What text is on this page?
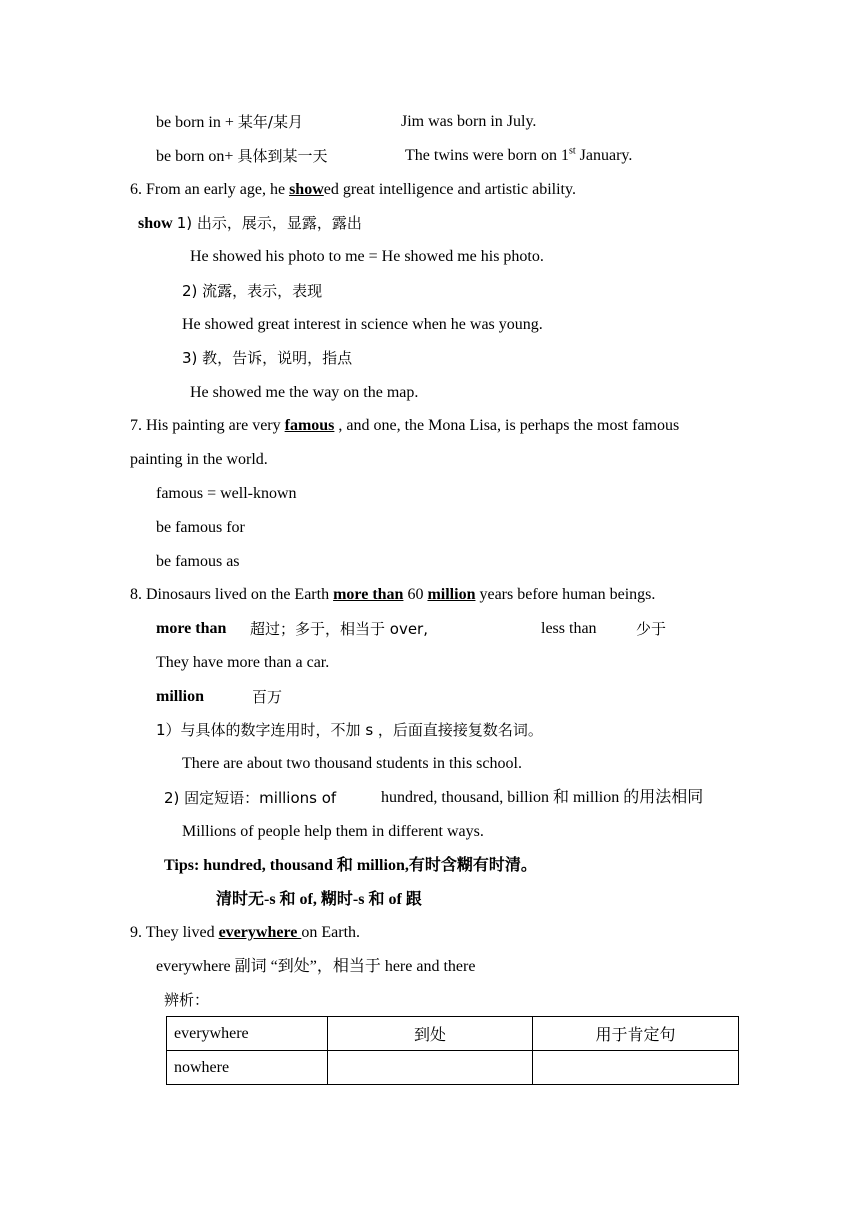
be born in + 某年/某月	Jim was born in July.
be born on+ 具体到某一天	The twins were born on 1st January.
6. From an early age, he showed great intelligence and artistic ability.
show 1) 出示，展示，显露，露出
He showed his photo to me = He showed me his photo.
2) 流露，表示，表现
He showed great interest in science when he was young.
3) 教，告诉，说明，指点
He showed me the way on the map.
7. His painting are very famous , and one, the Mona Lisa, is perhaps the most famous
painting in the world.
famous = well-known
be famous for
be famous as
8. Dinosaurs lived on the Earth more than 60 million years before human beings.
more than 超过；多于，相当于 over,	less than	少于
They have more than a car.
million	百万
1）与具体的数字连用时，不加 s ，后面直接接复数名词。
There are about two thousand students in this school.
2) 固定短语：millions of	hundred, thousand, billion 和 million 的用法相同
Millions of people help them in different ways.
Tips: hundred, thousand 和 million,有时含糊有时清。
清时无-s 和 of, 糊时-s 和 of 跟
9. They lived everywhere on Earth.
everywhere 副词 “到处”，相当于 here and there
辨析：
everywhere	到处	用于肯定句
nowhere		
